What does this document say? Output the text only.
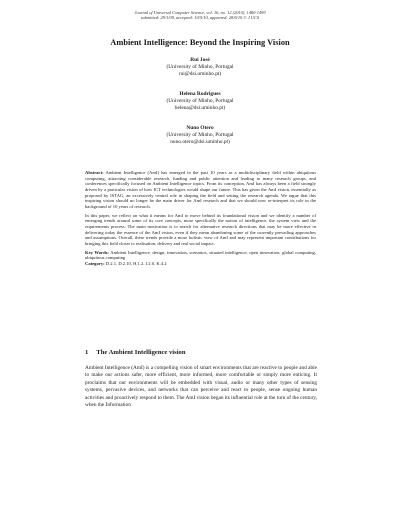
Journal of Universal Computer Science, vol. 16, no. 12 (2010), 1480-1499
submitted: 29/1/09, accepted: 10/5/10, appeared: 28/6/10 © J.UCS
Ambient Intelligence: Beyond the Inspiring Vision
Rui José
(University of Minho, Portugal
rui@dsi.uminho.pt)
Helena Rodrigues
(University of Minho, Portugal
helena@dsi.uminho.pt)
Nuno Otero
(University of Minho, Portugal
nuno.otero@dsi.uminho.pt)

Abstract: Ambient Intelligence (AmI) has emerged in the past 10 years as a multidisciplinary field within ubiquitous computing, attracting considerable research, funding and public attention and leading to many research groups, and conferences specifically focused on Ambient Intelligence topics. From its conception, AmI has always been a field strongly driven by a particular vision of how ICT technologies would shape our future. This has given the AmI vision, essentially as proposed by ISTAG, an excessively central role in shaping the field and setting the research agenda. We argue that this inspiring vision should no longer be the main driver for AmI research and that we should now re-interpret its role in the background of 10 years of research.

In this paper, we reflect on what it means for AmI to move behind its foundational vision and we identify a number of emerging trends around some of its core concepts, more specifically the notion of intelligence, the system view and the requirements process. The main motivation is to search for alternative research directions that may be more effective in delivering today the essence of the AmI vision, even if they mean abandoning some of the currently prevailing approaches and assumptions. Overall, these trends provide a more holistic view of AmI and may represent important contributions for bringing this field closer to realisation, delivery and real social impact.

Key Words: Ambient Intelligence, design, innovation, scenarios, situated intelligence, open innovation, global computing, ubiquitous computing
Category: D.2.1, D.2.10, H.1.2, I.2.0, K.4.2
1 The Ambient Intelligence vision

Ambient Intelligence (AmI) is a compelling vision of smart environments that are reactive to people and able to make our actions safer, more efficient, more informed, more comfortable or simply more enticing. It proclaims that our environments will be embedded with visual, audio or many other types of sensing systems, pervasive devices, and networks that can perceive and react to people, sense ongoing human activities and proactively respond to them. The AmI vision began its influential role at the turn of the century, when the Information
